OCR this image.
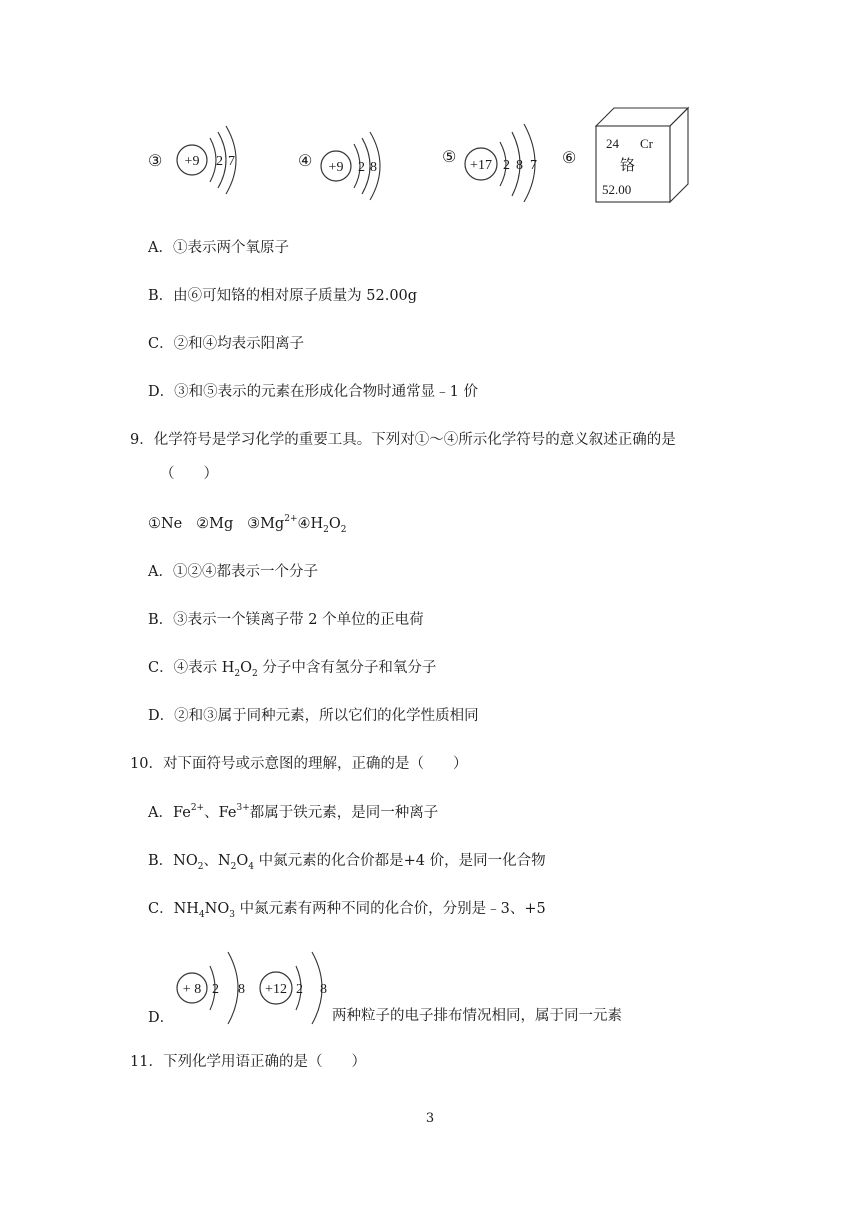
③ +9 2 7	④ +9 2 8
⑤ +17 2 8 7 ⑥
24 Cr
铬
52.00
A．①表示两个氧原子
B．由⑥可知铬的相对原子质量为 52.00g
C．②和④均表示阳离子
D．③和⑤表示的元素在形成化合物时通常显﹣1 价
9．化学符号是学习化学的重要工具。下列对①～④所示化学符号的意义叙述正确的是
（　　）
①Ne ②Mg $③Mg^{2+}④H_2O_2$
A．①②④都表示一个分子
B．③表示一个镁离子带 2 个单位的正电荷
C．④表示 $H_2O_2$ 分子中含有氢分子和氧分子
D．②和③属于同种元素，所以它们的化学性质相同
10．对下面符号或示意图的理解，正确的是（　　）
A．$Fe^{2+}$、$Fe^{3+}$都属于铁元素，是同一种离子
B．$NO_2$、$N_2O_4$ 中氮元素的化合价都是+4 价，是同一化合物
C．$NH_4NO_3$ 中氮元素有两种不同的化合价，分别是﹣3、+5
+ 8 2 8 +12 2 8
D．	两种粒子的电子排布情况相同，属于同一元素
11．下列化学用语正确的是（　　）
3
